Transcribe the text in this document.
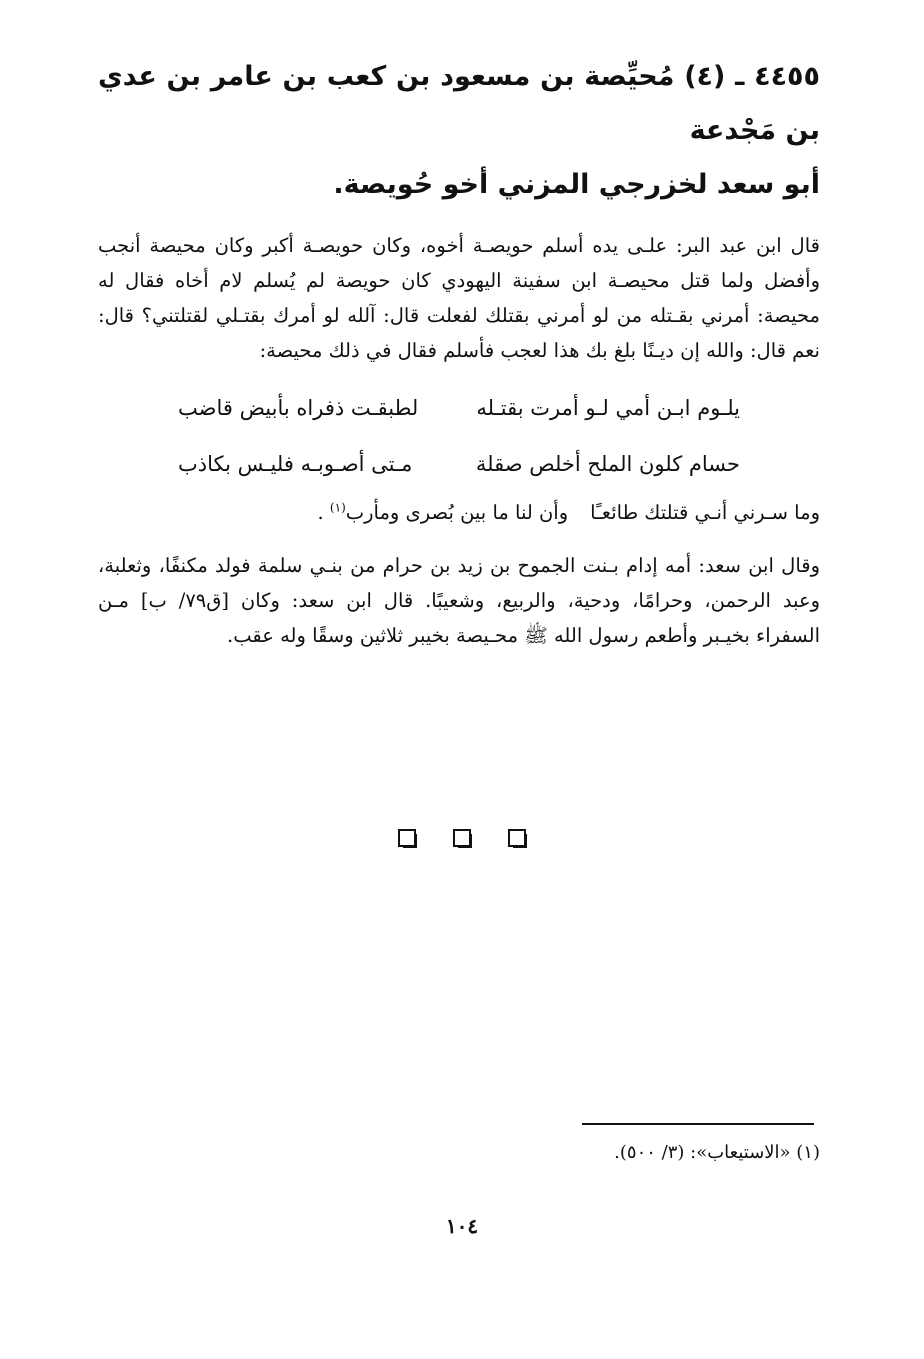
٤٤٥٥ ـ (٤) مُحيِّصة بن مسعود بن كعب بن عامر بن عدي بن مَجْدعة
أبو سعد لخزرجي المزني أخو حُويصة.

قال ابن عبد البر: علـى يده أسلم حويصـة أخوه، وكان حويصـة أكبر وكان محيصة أنجب وأفضل ولما قتل محيصـة ابن سفينة اليهودي كان حويصة لم يُسلم لام أخاه فقال له محيصة: أمرني بقـتله من لو أمرني بقتلك لفعلت قال: آلله لو أمرك بقتـلي لقتلتني؟ قال: نعم قال: والله إن ديـنًا بلغ بك هذا لعجب فأسلم فقال في ذلك محيصة:

يلـوم ابـن أمي لـو أمرت بقتـله
لطبقـت ذفراه بأبيض قاضب
حسام كلون الملح أخلص صقلة
مـتى أصـوبـه فليـس بكاذب
وما سـرني أنـي قتلتك طائعـًاوأن لنا ما بين بُصرى ومأرب$^{(١)}$ .

وقال ابن سعد: أمه إدام بـنت الجموح بن زيد بن حرام من بنـي سلمة فولد مكنفًا، وثعلبة، وعبد الرحمن، وحرامًا، ودحية، والربيع، وشعيبًا. قال ابن سعد: وكان [ق٧٩/ ب] مـن السفراء بخيـبر وأطعم رسول الله ﷺ محـيصة بخيبر ثلاثين وسقًا وله عقب.

(١) «الاستيعاب»: (٣/ ٥٠٠).
١٠٤
